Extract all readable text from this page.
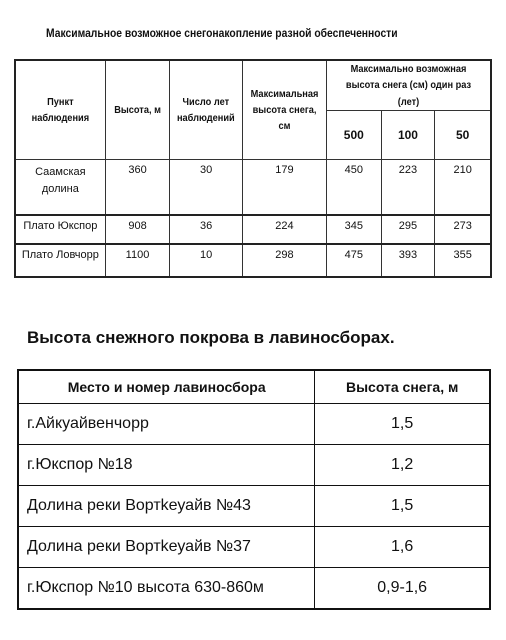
Максимальное возможное снегонакопление разной обеспеченности
Пункт наблюдения	Высота, м	Число лет наблюдений	Максимальная высота снега, см	Максимально возможная высота снега (см) один раз (лет)		
				500	100	50
Саамская долина	360	30	179	450	223	210
Плато Юкспор	908	36	224	345	295	273
Плато Ловчорр	1100	10	298	475	393	355
Высота снежного покрова в лавиносборах.
Место и номер лавиносбора	Высота снега, м
г.Айкуайвенчорр	1,5
г.Юкспор №18	1,2
Долина реки Вортkеуайв №43	1,5
Долина реки Вортkеуайв №37	1,6
г.Юкспор №10 высота 630-860м	0,9-1,6
